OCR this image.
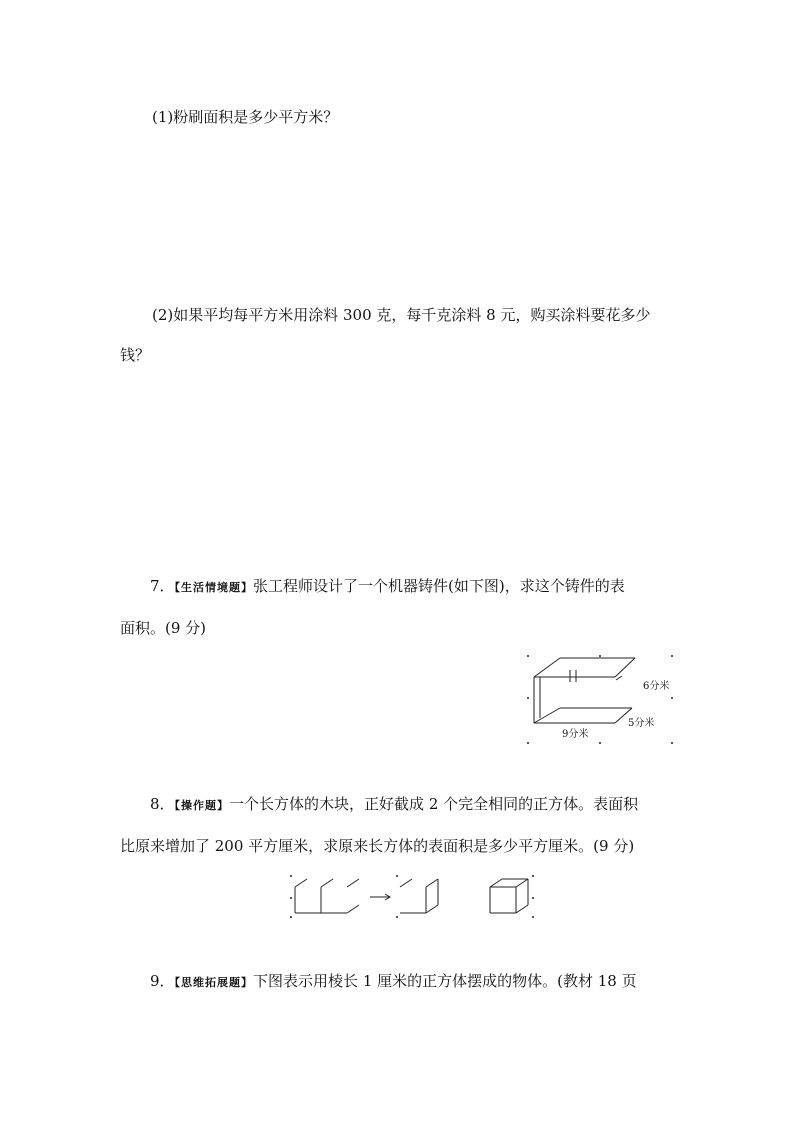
(1)粉刷面积是多少平方米？
(2)如果平均每平方米用涂料 300 克，每千克涂料 8 元，购买涂料要花多少
钱？
7．【生活情境题】张工程师设计了一个机器铸件(如下图)，求这个铸件的表
面积。(9 分)
6分米
5分米
9分米
8．【操作题】一个长方体的木块，正好截成 2 个完全相同的正方体。表面积
比原来增加了 200 平方厘米，求原来长方体的表面积是多少平方厘米。(9 分)
9．【思维拓展题】下图表示用棱长 1 厘米的正方体摆成的物体。(教材 18 页
